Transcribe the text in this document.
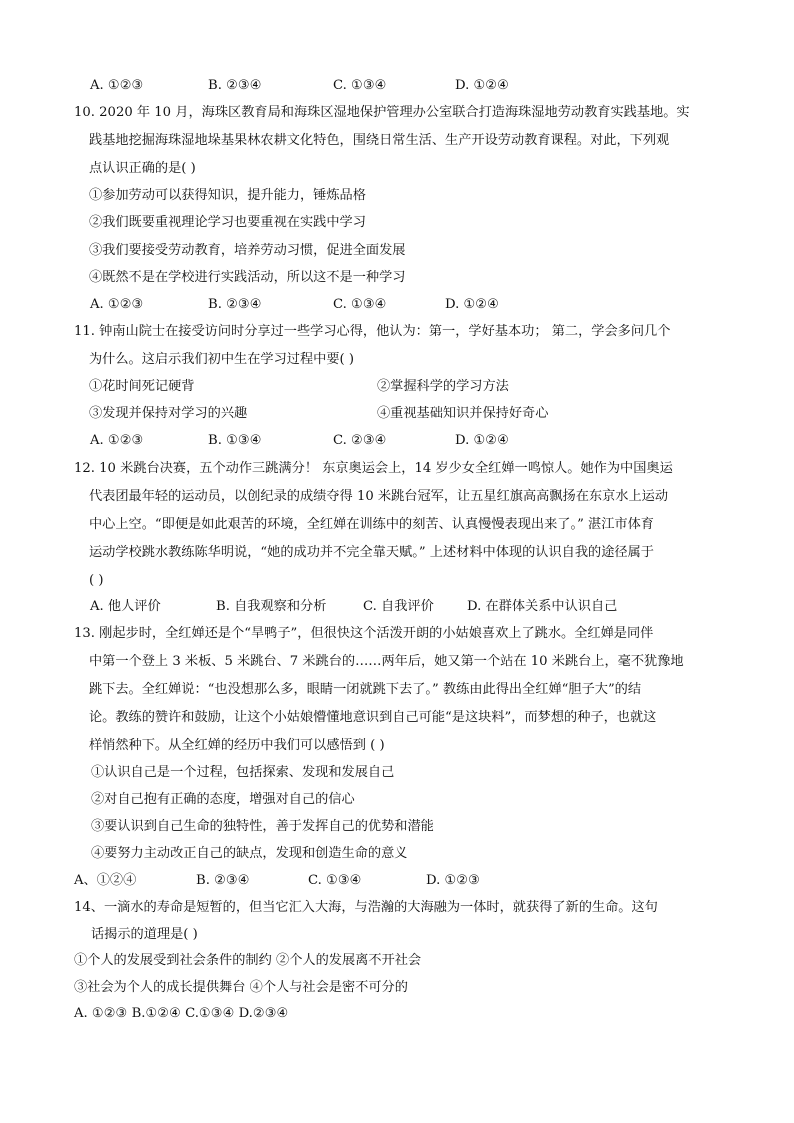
A. ①②③	B. ②③④	C. ①③④	D. ①②④
10. 2020 年 10 月，海珠区教育局和海珠区湿地保护管理办公室联合打造海珠湿地劳动教育实践基地。实
践基地挖掘海珠湿地垛基果林农耕文化特色，围绕日常生活、生产开设劳动教育课程。对此，下列观
点认识正确的是( )
①参加劳动可以获得知识，提升能力，锤炼品格
②我们既要重视理论学习也要重视在实践中学习
③我们要接受劳动教育，培养劳动习惯，促进全面发展
④既然不是在学校进行实践活动，所以这不是一种学习
A. ①②③	B. ②③④	C. ①③④	D. ①②④
11. 钟南山院士在接受访问时分享过一些学习心得，他认为：第一，学好基本功； 第二，学会多问几个
为什么。这启示我们初中生在学习过程中要( )
①花时间死记硬背	②掌握科学的学习方法
③发现并保持对学习的兴趣	④重视基础知识并保持好奇心
A. ①②③	B. ①③④	C. ②③④	D. ①②④
12. 10 米跳台决赛，五个动作三跳满分！ 东京奥运会上，14 岁少女全红婵一鸣惊人。她作为中国奥运
代表团最年轻的运动员，以创纪录的成绩夺得 10 米跳台冠军，让五星红旗高高飘扬在东京水上运动
中心上空。“即便是如此艰苦的环境，全红婵在训练中的刻苦、认真慢慢表现出来了。” 湛江市体育
运动学校跳水教练陈华明说，“她的成功并不完全靠天赋。” 上述材料中体现的认识自我的途径属于
( )
A. 他人评价	B. 自我观察和分析	C. 自我评价	D. 在群体关系中认识自己
13. 刚起步时，全红婵还是个“旱鸭子”，但很快这个活泼开朗的小姑娘喜欢上了跳水。全红婵是同伴
中第一个登上 3 米板、5 米跳台、7 米跳台的……两年后，她又第一个站在 10 米跳台上，毫不犹豫地
跳下去。全红婵说：“也没想那么多，眼睛一闭就跳下去了。” 教练由此得出全红婵“胆子大”的结
论。教练的赞许和鼓励，让这个小姑娘懵懂地意识到自己可能“是这块料”，而梦想的种子，也就这
样悄然种下。从全红婵的经历中我们可以感悟到 ( )
①认识自己是一个过程，包括探索、发现和发展自己
②对自己抱有正确的态度，增强对自己的信心
③要认识到自己生命的独特性，善于发挥自己的优势和潜能
④要努力主动改正自己的缺点，发现和创造生命的意义
A、①②④	B. ②③④	C. ①③④	D. ①②③
14、一滴水的寿命是短暂的，但当它汇入大海，与浩瀚的大海融为一体时，就获得了新的生命。这句
话揭示的道理是( )
①个人的发展受到社会条件的制约 ②个人的发展离不开社会
③社会为个人的成长提供舞台 ④个人与社会是密不可分的
A. ①②③ B.①②④ C.①③④ D.②③④
